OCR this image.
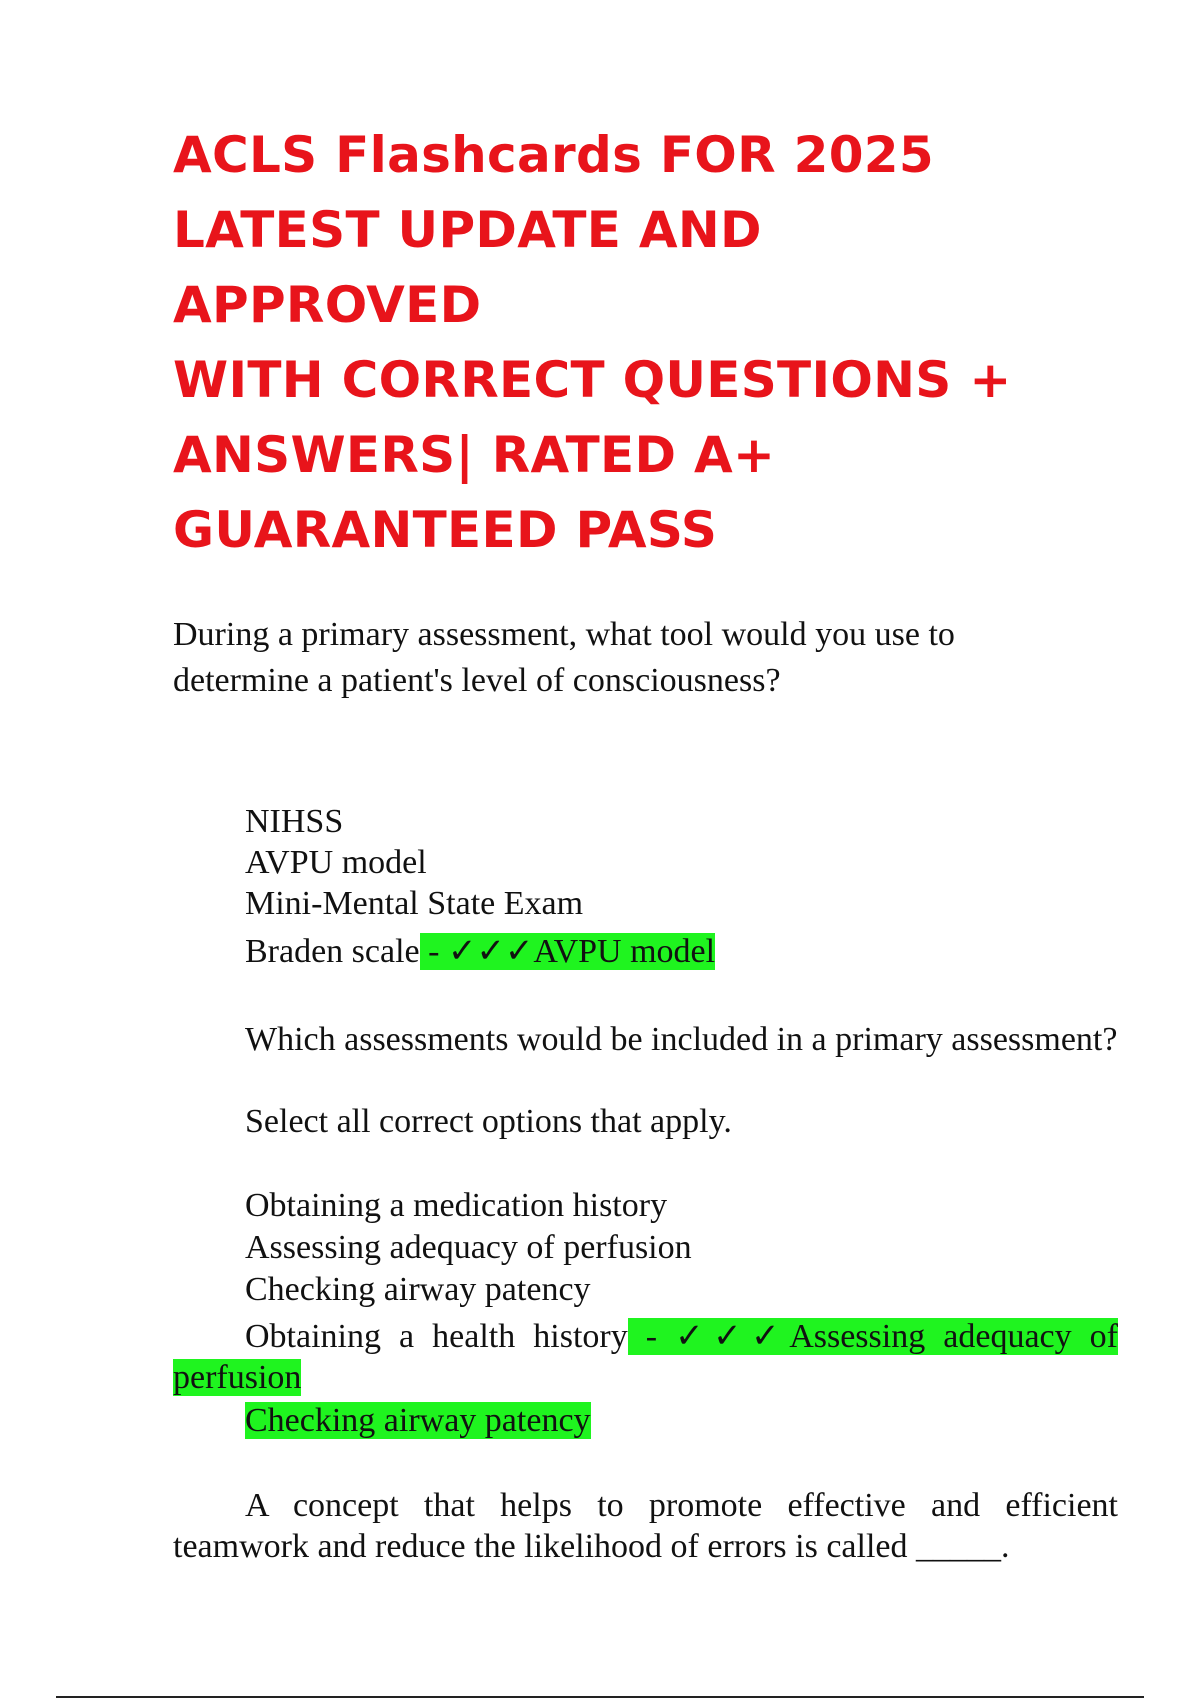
ACLS Flashcards FOR 2025
LATEST UPDATE AND
APPROVED
WITH CORRECT QUESTIONS +
ANSWERS| RATED A+
GUARANTEED PASS
During a primary assessment, what tool would you use to
determine a patient's level of consciousness?
NIHSS
AVPU model
Mini-Mental State Exam
Braden scale - ✓✓✓AVPU model
Which assessments would be included in a primary assessment?
Select all correct options that apply.
Obtaining a medication history
Assessing adequacy of perfusion
Checking airway patency
Obtaining a health history - ✓✓✓Assessing adequacy of perfusion
Checking airway patency
A concept that helps to promote effective and efficient teamwork and reduce the likelihood of errors is called _____.
